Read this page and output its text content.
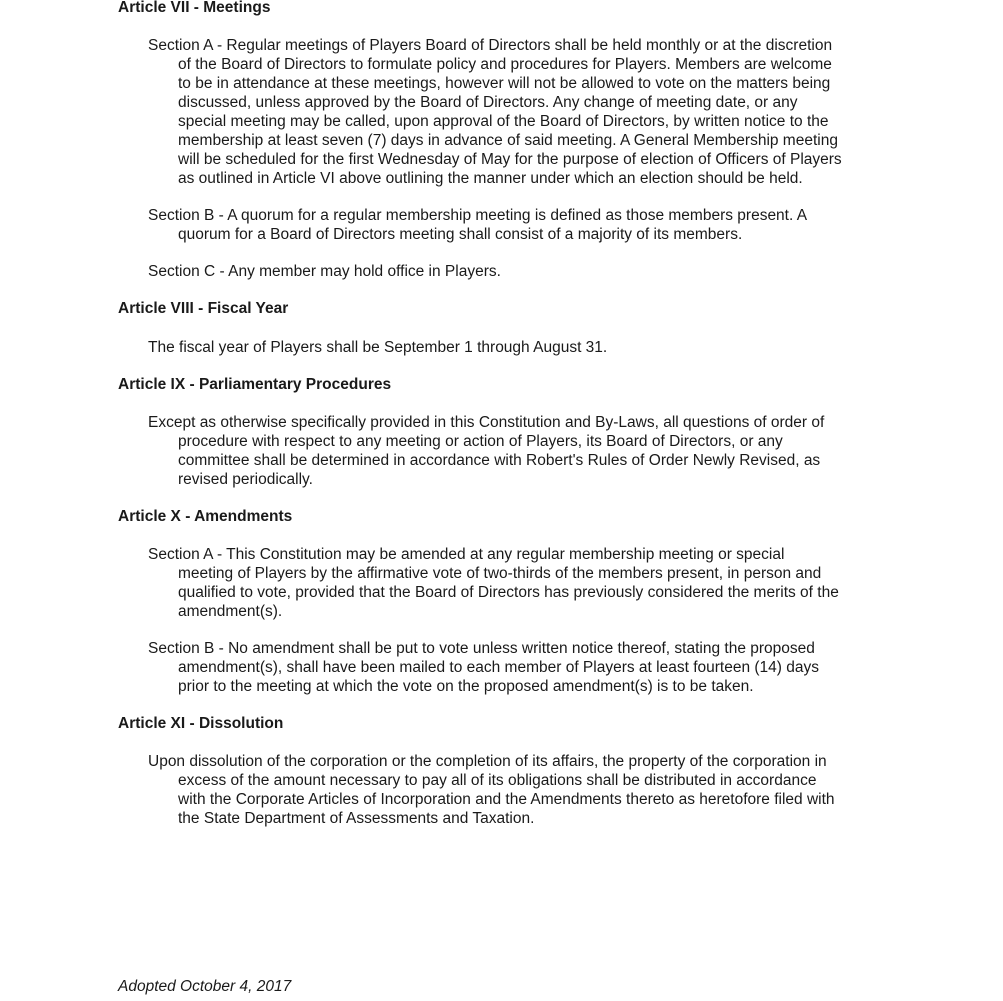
Article VII - Meetings
Section A - Regular meetings of Players Board of Directors shall be held monthly or at the discretion
of the Board of Directors to formulate policy and procedures for Players. Members are welcome
to be in attendance at these meetings, however will not be allowed to vote on the matters being
discussed, unless approved by the Board of Directors. Any change of meeting date, or any
special meeting may be called, upon approval of the Board of Directors, by written notice to the
membership at least seven (7) days in advance of said meeting. A General Membership meeting
will be scheduled for the first Wednesday of May for the purpose of election of Officers of Players
as outlined in Article VI above outlining the manner under which an election should be held.
Section B - A quorum for a regular membership meeting is defined as those members present. A
quorum for a Board of Directors meeting shall consist of a majority of its members.
Section C - Any member may hold office in Players.
Article VIII - Fiscal Year
The fiscal year of Players shall be September 1 through August 31.
Article IX - Parliamentary Procedures
Except as otherwise specifically provided in this Constitution and By-Laws, all questions of order of
procedure with respect to any meeting or action of Players, its Board of Directors, or any
committee shall be determined in accordance with Robert's Rules of Order Newly Revised, as
revised periodically.
Article X - Amendments
Section A - This Constitution may be amended at any regular membership meeting or special
meeting of Players by the affirmative vote of two-thirds of the members present, in person and
qualified to vote, provided that the Board of Directors has previously considered the merits of the
amendment(s).
Section B - No amendment shall be put to vote unless written notice thereof, stating the proposed
amendment(s), shall have been mailed to each member of Players at least fourteen (14) days
prior to the meeting at which the vote on the proposed amendment(s) is to be taken.
Article XI - Dissolution
Upon dissolution of the corporation or the completion of its affairs, the property of the corporation in
excess of the amount necessary to pay all of its obligations shall be distributed in accordance
with the Corporate Articles of Incorporation and the Amendments thereto as heretofore filed with
the State Department of Assessments and Taxation.
Adopted October 4, 2017
